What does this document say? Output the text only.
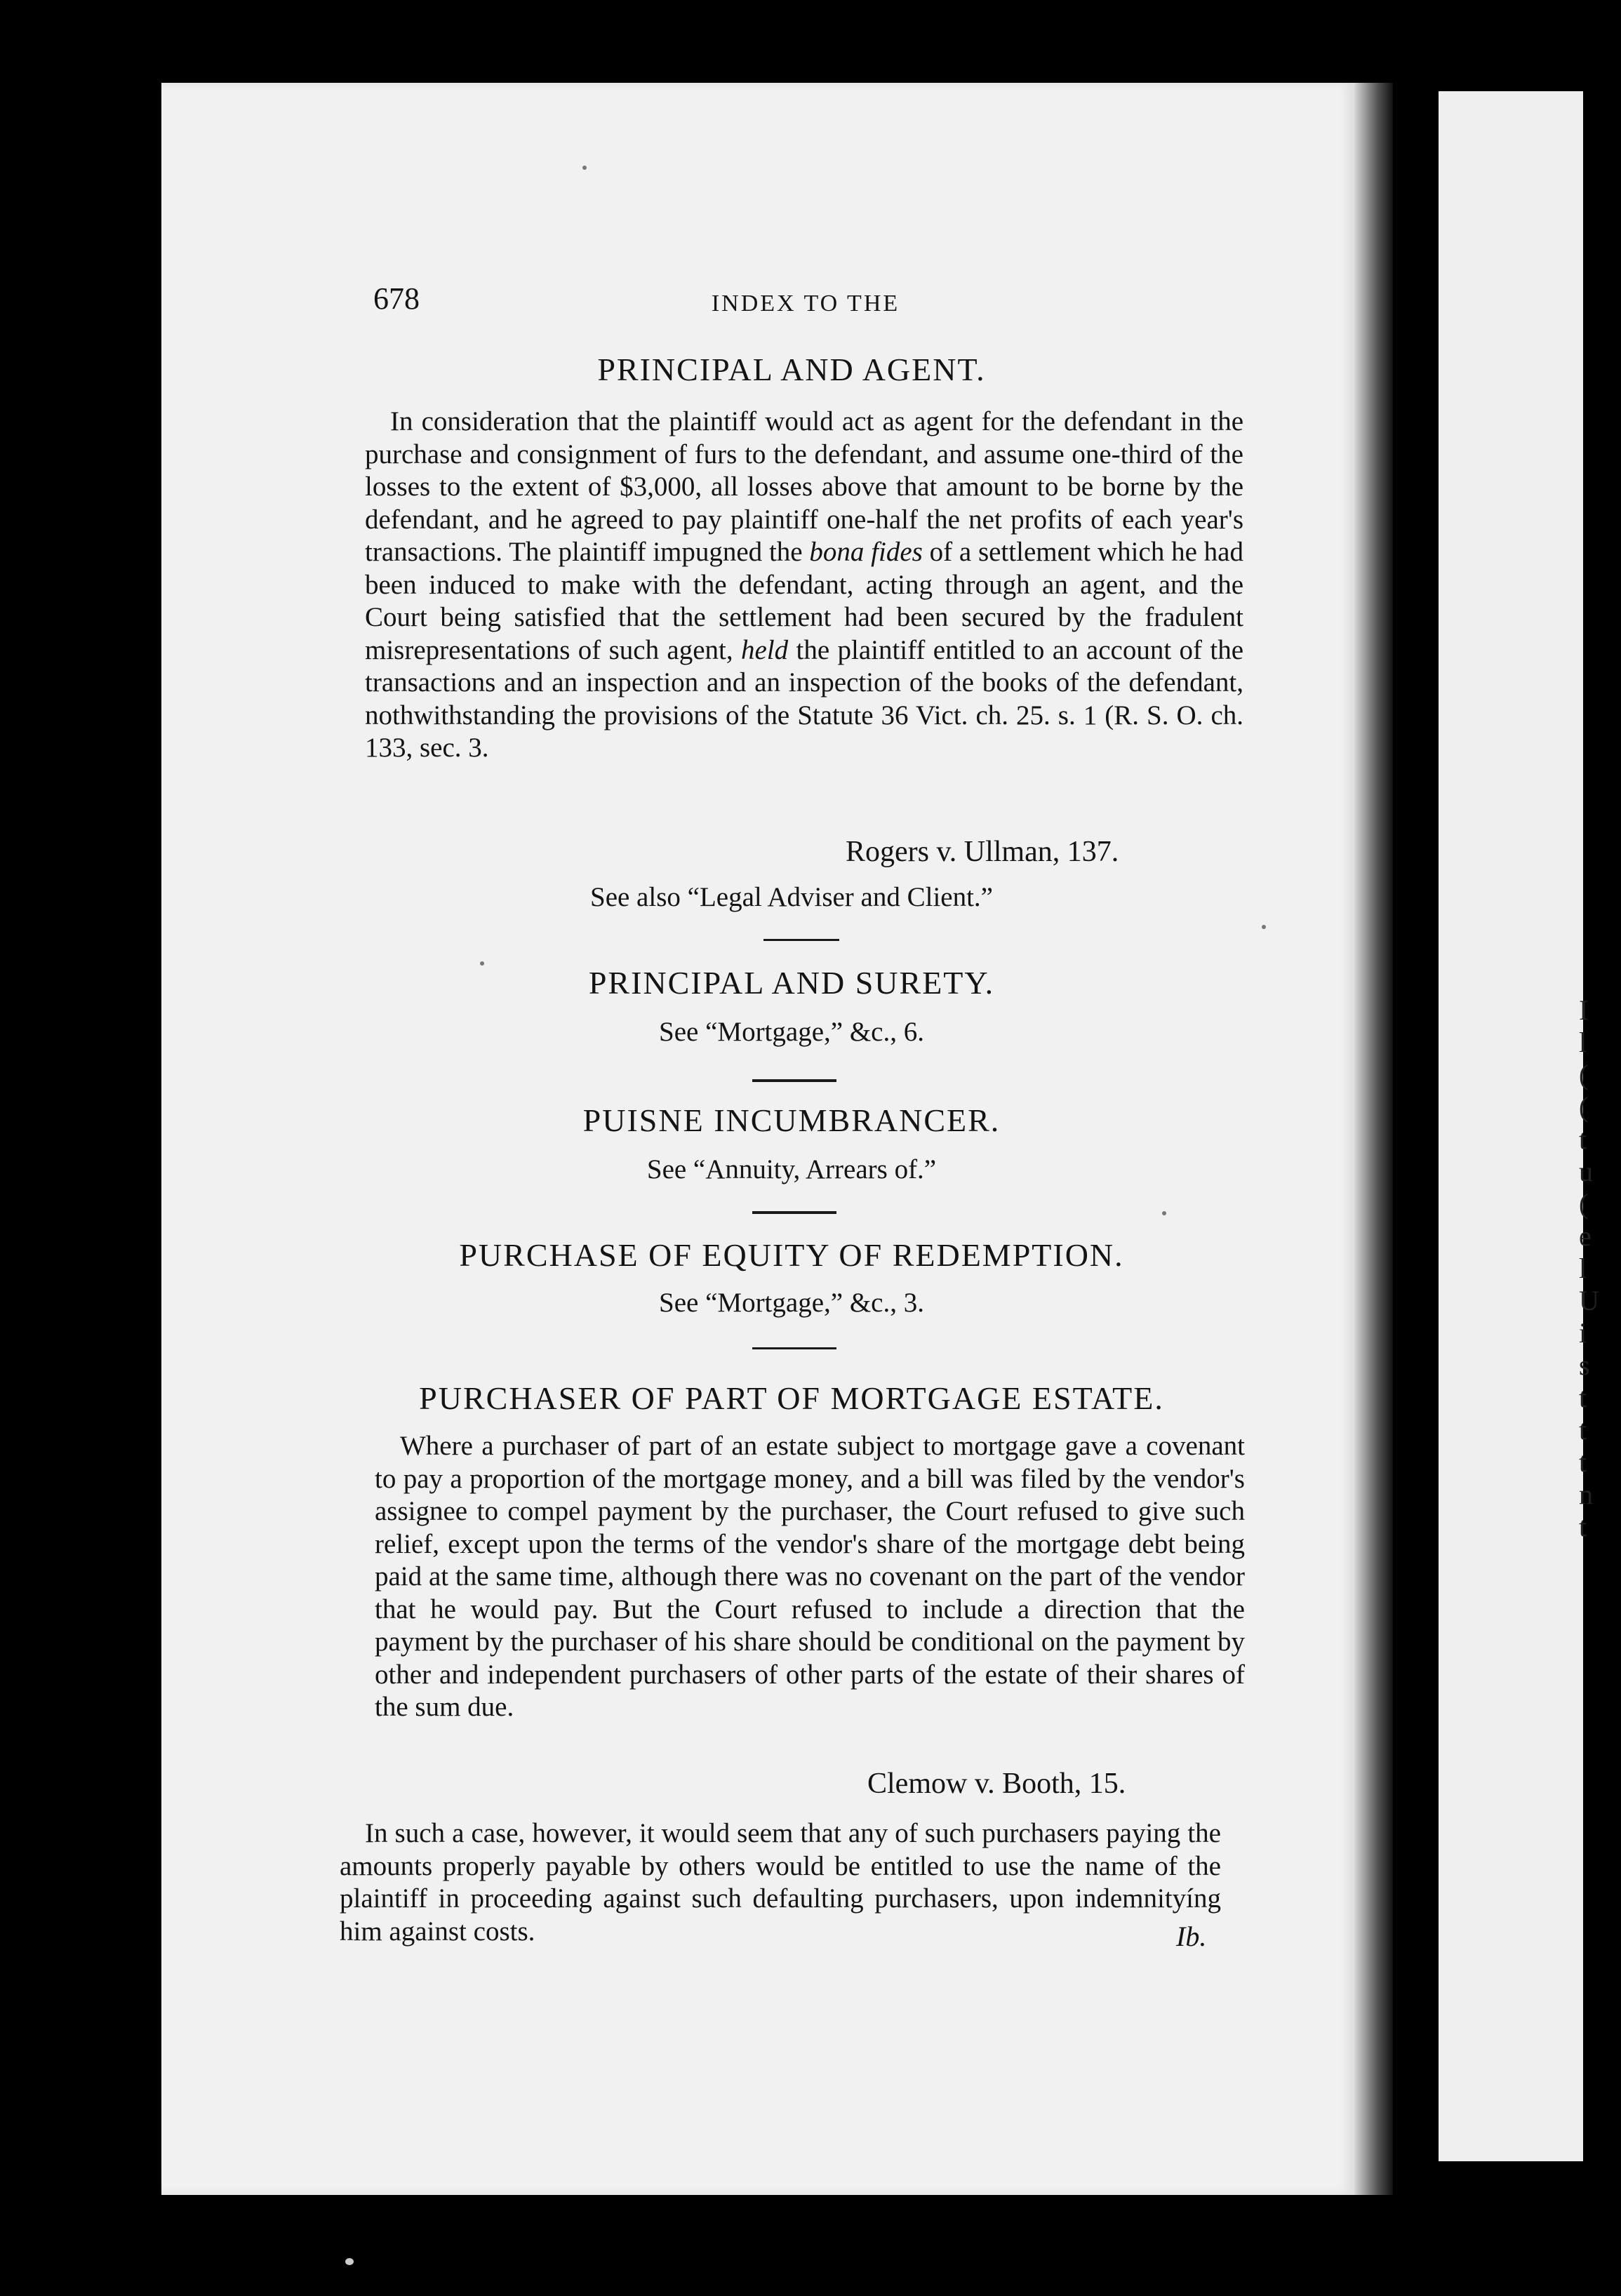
I
l
(
(
t
u
(
e
l
U
i
s
t
t
t
n
t
678	INDEX TO THE
PRINCIPAL AND AGENT.
In consideration that the plaintiff would act as agent for the defendant in the purchase and consignment of furs to the defendant, and assume one-third of the losses to the extent of $3,000, all losses above that amount to be borne by the defendant, and he agreed to pay plaintiff one-half the net profits of each year's transactions. The plaintiff impugned the bona fides of a settlement which he had been induced to make with the defendant, acting through an agent, and the Court being satisfied that the settlement had been secured by the fradulent misrepresentations of such agent, held the plaintiff entitled to an account of the transactions and an inspection and an inspection of the books of the defendant, nothwithstanding the provisions of the Statute 36 Vict. ch. 25. s. 1 (R. S. O. ch. 133, sec. 3.
Rogers v. Ullman, 137.
See also “Legal Adviser and Client.”
PRINCIPAL AND SURETY.
See “Mortgage,” &c., 6.
PUISNE INCUMBRANCER.
See “Annuity, Arrears of.”
PURCHASE OF EQUITY OF REDEMPTION.
See “Mortgage,” &c., 3.
PURCHASER OF PART OF MORTGAGE ESTATE.
Where a purchaser of part of an estate subject to mortgage gave a covenant to pay a proportion of the mortgage money, and a bill was filed by the vendor's assignee to compel payment by the purchaser, the Court refused to give such relief, except upon the terms of the vendor's share of the mortgage debt being paid at the same time, although there was no covenant on the part of the vendor that he would pay. But the Court refused to include a direction that the payment by the purchaser of his share should be conditional on the payment by other and independent purchasers of other parts of the estate of their shares of the sum due.
Clemow v. Booth, 15.
In such a case, however, it would seem that any of such purchasers paying the amounts properly payable by others would be entitled to use the name of the plaintiff in proceeding against such defaulting purchasers, upon indemnityíng him against costs.	Ib.
